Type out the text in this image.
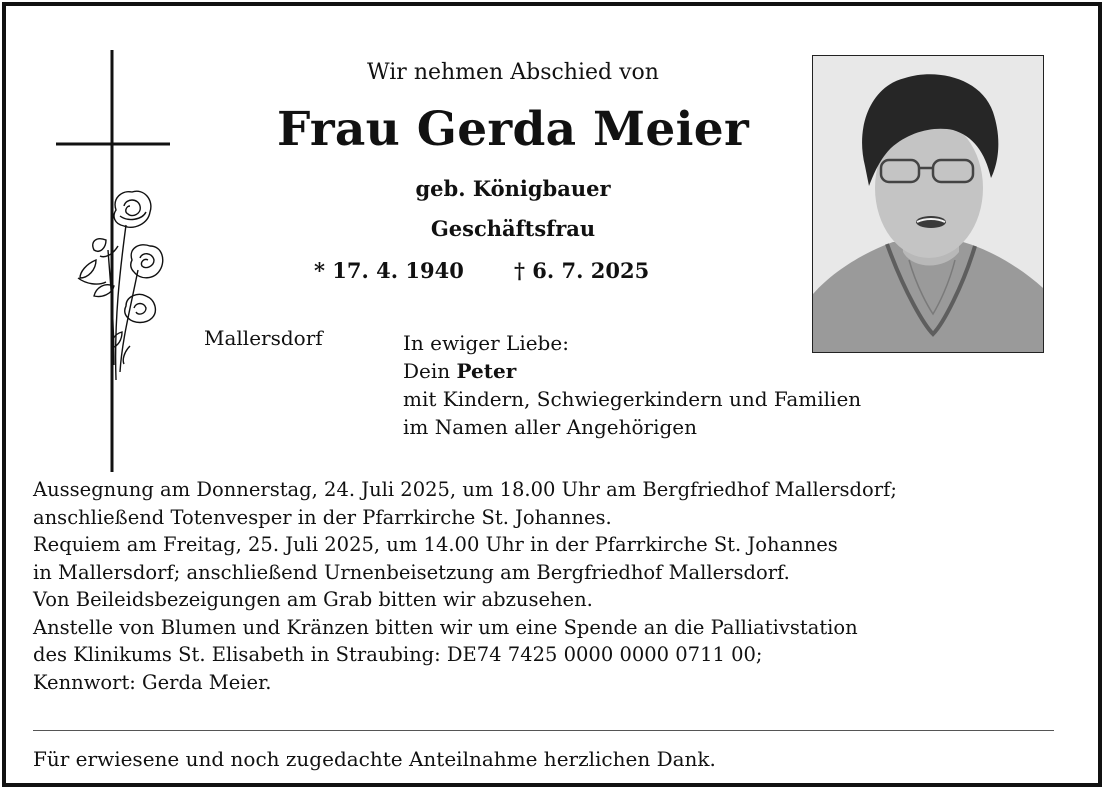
Wir nehmen Abschied von
Frau Gerda Meier
geb. Königbauer
Geschäftsfrau
* 17. 4. 1940 † 6. 7. 2025
Mallersdorf	In ewiger Liebe:
Dein Peter
mit Kindern, Schwiegerkindern und Familien
im Namen aller Angehörigen
Aussegnung am Donnerstag, 24. Juli 2025, um 18.00 Uhr am Bergfriedhof Mallersdorf;
anschließend Totenvesper in der Pfarrkirche St. Johannes.
Requiem am Freitag, 25. Juli 2025, um 14.00 Uhr in der Pfarrkirche St. Johannes
in Mallersdorf; anschließend Urnenbeisetzung am Bergfriedhof Mallersdorf.
Von Beileidsbezeigungen am Grab bitten wir abzusehen.
Anstelle von Blumen und Kränzen bitten wir um eine Spende an die Palliativstation
des Klinikums St. Elisabeth in Straubing: DE74 7425 0000 0000 0711 00;
Kennwort: Gerda Meier.
Für erwiesene und noch zugedachte Anteilnahme herzlichen Dank.
